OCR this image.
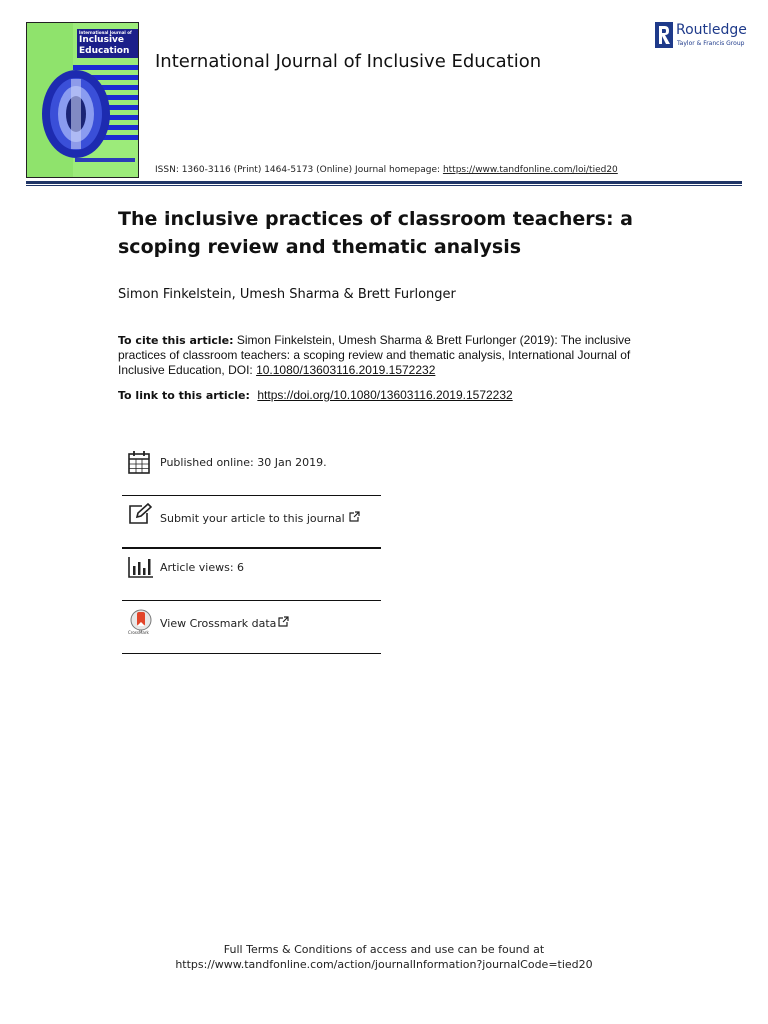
International Journal of
Inclusive
Education	International Journal of Inclusive Education
Routledge
Taylor & Francis Group
ISSN: 1360-3116 (Print) 1464-5173 (Online) Journal homepage: https://www.tandfonline.com/loi/tied20
The inclusive practices of classroom teachers: a scoping review and thematic analysis
Simon Finkelstein, Umesh Sharma & Brett Furlonger
To cite this article: Simon Finkelstein, Umesh Sharma & Brett Furlonger (2019): The inclusive practices of classroom teachers: a scoping review and thematic analysis, International Journal of Inclusive Education, DOI: 10.1080/13603116.2019.1572232
To link to this article: https://doi.org/10.1080/13603116.2019.1572232
Published online: 30 Jan 2019.
Submit your article to this journal
Article views: 6
CrossMark
View Crossmark data
Full Terms & Conditions of access and use can be found at
https://www.tandfonline.com/action/journalInformation?journalCode=tied20
